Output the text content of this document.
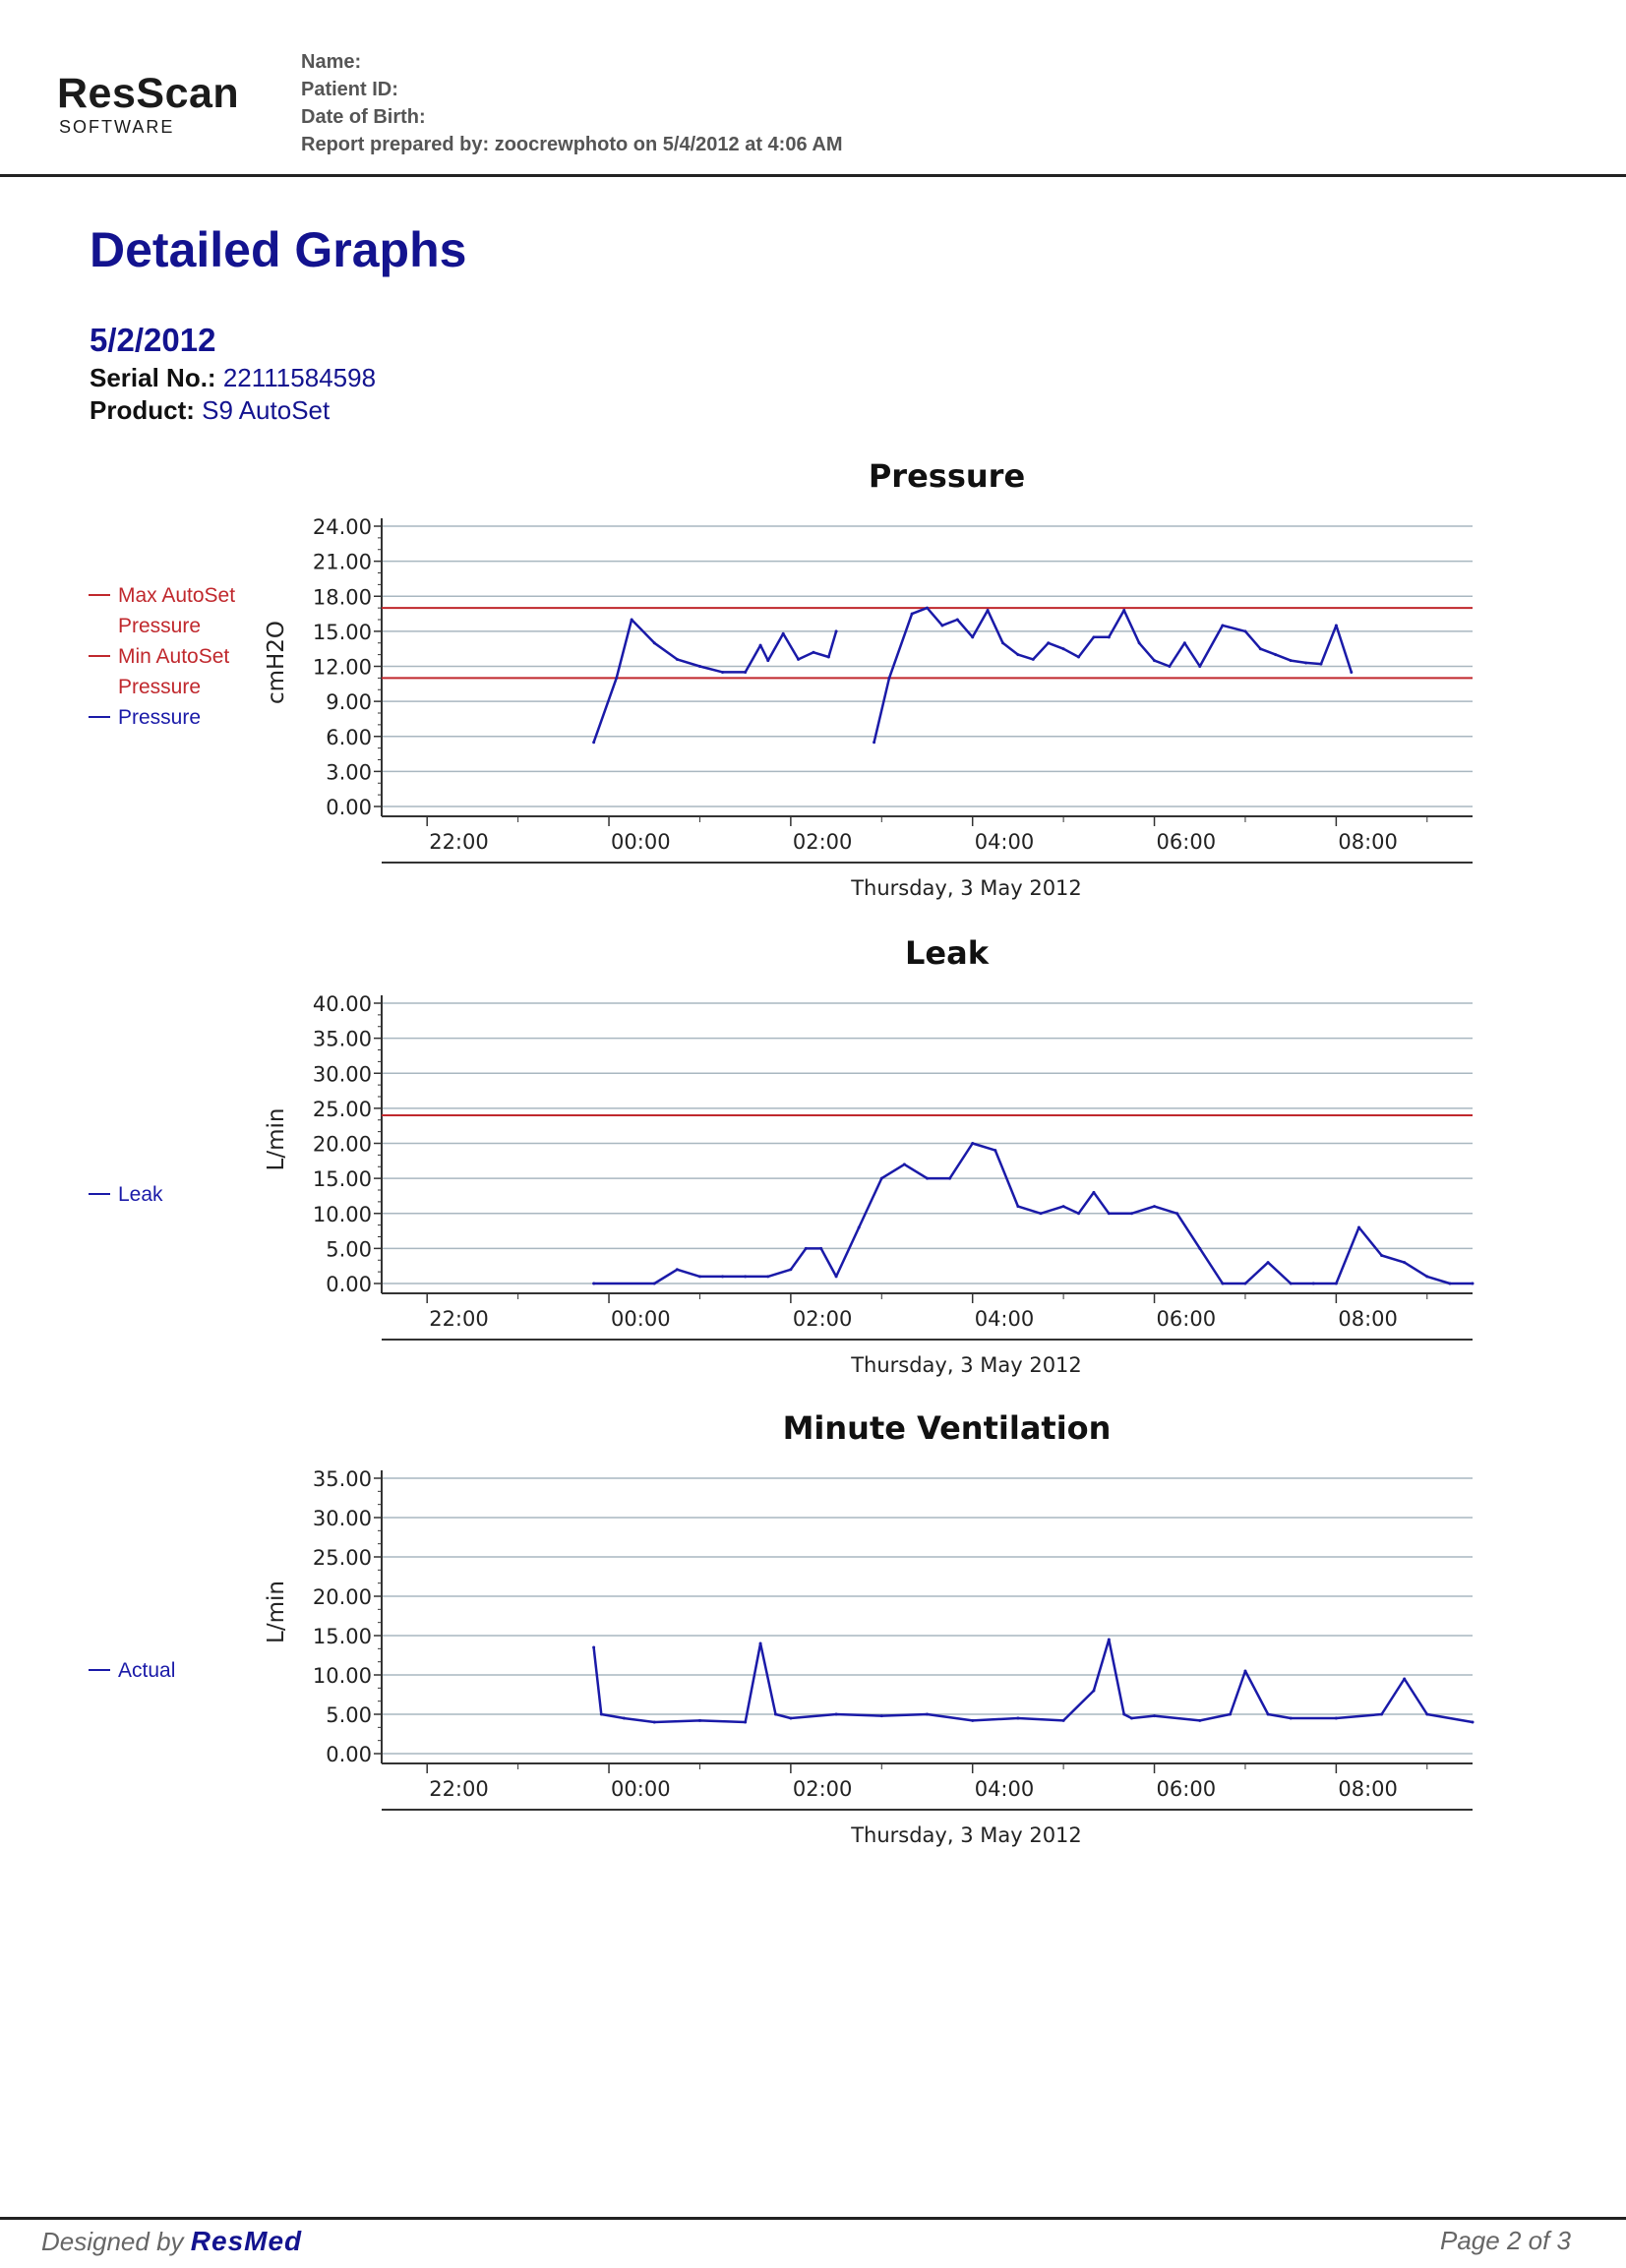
ResScan
SOFTWARE
Name:
Patient ID:
Date of Birth:
Report prepared by: zoocrewphoto on 5/4/2012 at 4:06 AM
Detailed Graphs
5/2/2012
Serial No.: 22111584598
Product: S9 AutoSet
Max AutoSet Pressure
Min AutoSet Pressure
Pressure
Leak
Actual
Pressure
24.00
21.00
18.00
15.00
12.00
9.00
6.00
3.00
0.00
cmH2O
22:00	00:00	02:00	04:00	06:00	08:00
Thursday, 3 May 2012
Leak
40.00
35.00
30.00
25.00
20.00
15.00
10.00
5.00
0.00
L/min
22:00	00:00	02:00	04:00	06:00	08:00
Thursday, 3 May 2012
Minute Ventilation
35.00
30.00
25.00
20.00
15.00
10.00
5.00
0.00
L/min
22:00	00:00	02:00	04:00	06:00	08:00
Thursday, 3 May 2012
Designed by ResMed	Page 2 of 3
